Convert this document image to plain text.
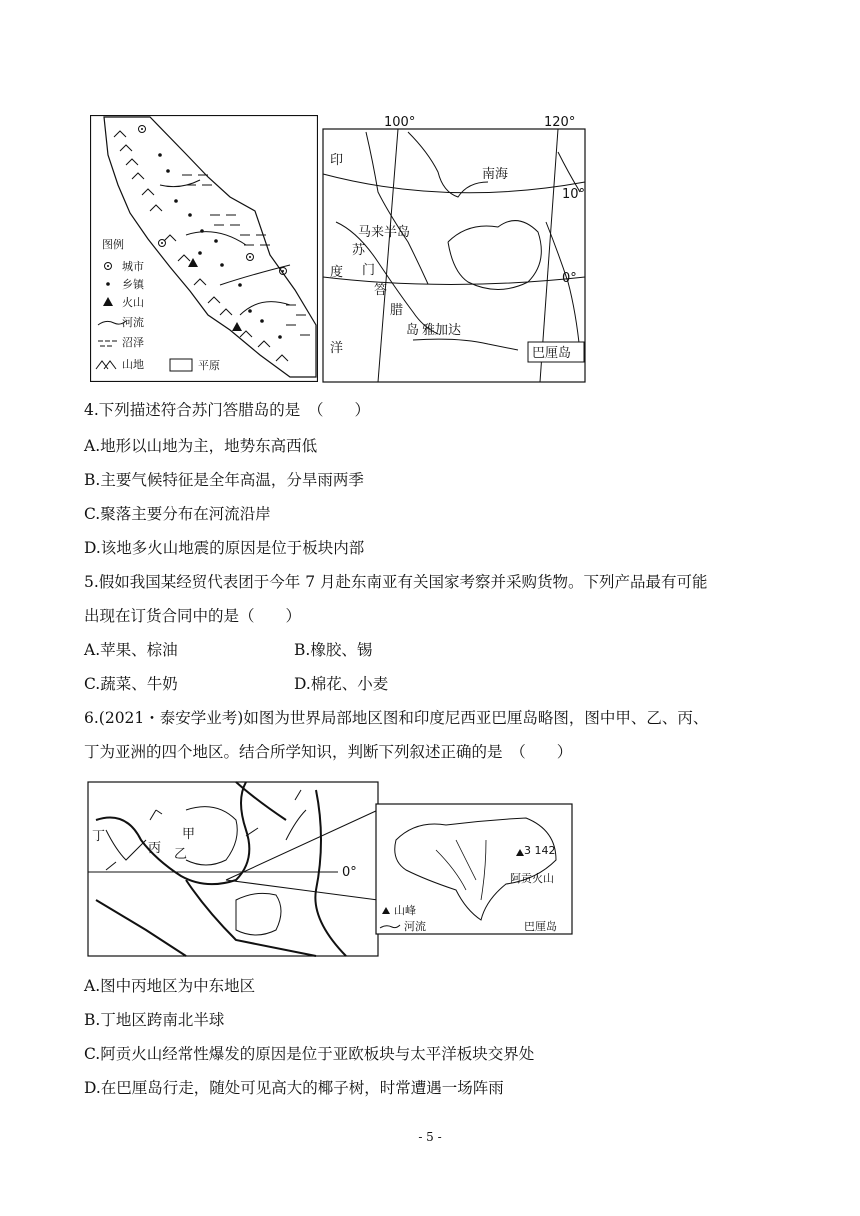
图例
城市
乡镇
火山
河流
沼泽
山地	平原
100°	120°
10°
0°
南海
马来半岛
印
度
洋
苏
门
答
腊
岛 雅加达
巴厘岛
4.下列描述符合苏门答腊岛的是　（　　）
A.地形以山地为主，地势东高西低
B.主要气候特征是全年高温，分旱雨两季
C.聚落主要分布在河流沿岸
D.该地多火山地震的原因是位于板块内部
5.假如我国某经贸代表团于今年 7 月赴东南亚有关国家考察并采购货物。下列产品最有可能
出现在订货合同中的是（　　）
A.苹果、棕油	B.橡胶、锡
C.蔬菜、牛奶	D.棉花、小麦
6.(2021・泰安学业考)如图为世界局部地区图和印度尼西亚巴厘岛略图，图中甲、乙、丙、
丁为亚洲的四个地区。结合所学知识，判断下列叙述正确的是　（　　）
甲
乙
丙
丁
0°
3 142
阿贡火山
山峰
河流	巴厘岛
A.图中丙地区为中东地区
B.丁地区跨南北半球
C.阿贡火山经常性爆发的原因是位于亚欧板块与太平洋板块交界处
D.在巴厘岛行走，随处可见高大的椰子树，时常遭遇一场阵雨
- 5 -
